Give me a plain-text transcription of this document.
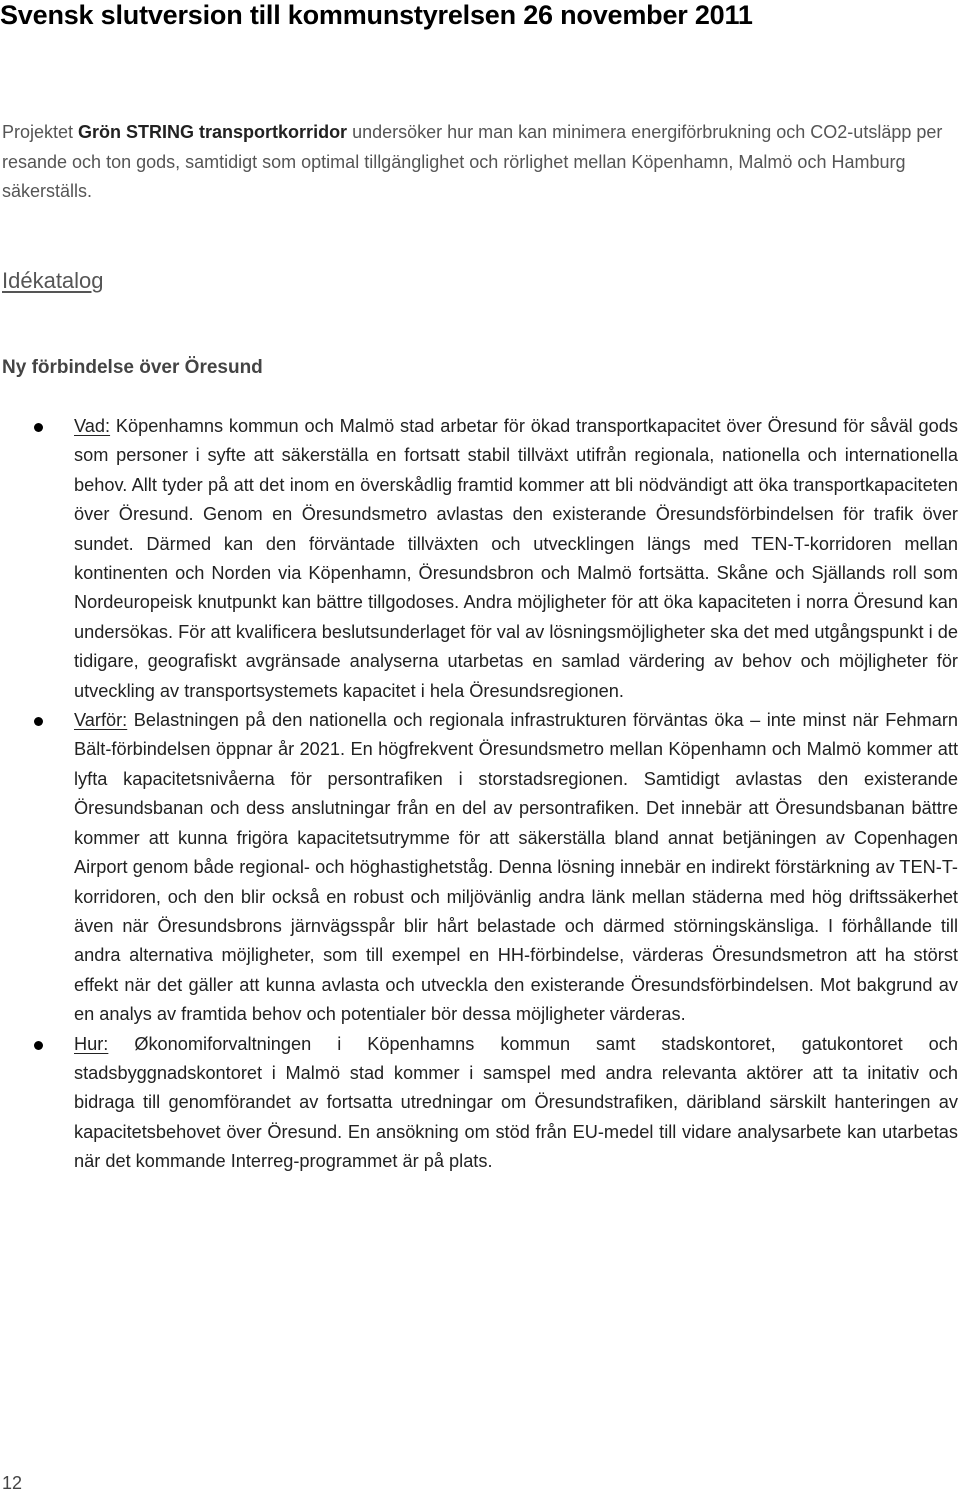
Svensk slutversion till kommunstyrelsen 26 november 2011

Projektet Grön STRING transportkorridor undersöker hur man kan minimera energiförbrukning och CO2-utsläpp per resande och ton gods, samtidigt som optimal tillgänglighet och rörlighet mellan Köpenhamn, Malmö och Hamburg säkerställs.

Idékatalog
Ny förbindelse över Öresund
Vad: Köpenhamns kommun och Malmö stad arbetar för ökad transportkapacitet över Öresund för såväl gods som personer i syfte att säkerställa en fortsatt stabil tillväxt utifrån regionala, nationella och internationella behov. Allt tyder på att det inom en överskådlig framtid kommer att bli nödvändigt att öka transportkapaciteten över Öresund. Genom en Öresundsmetro avlastas den existerande Öresundsförbindelsen för trafik över sundet. Därmed kan den förväntade tillväxten och utvecklingen längs med TEN-T-korridoren mellan kontinenten och Norden via Köpenhamn, Öresundsbron och Malmö fortsätta. Skåne och Själlands roll som Nordeuropeisk knutpunkt kan bättre tillgodoses. Andra möjligheter för att öka kapaciteten i norra Öresund kan undersökas. För att kvalificera beslutsunderlaget för val av lösningsmöjligheter ska det med utgångspunkt i de tidigare, geografiskt avgränsade analyserna utarbetas en samlad värdering av behov och möjligheter för utveckling av transportsystemets kapacitet i hela Öresundsregionen.
Varför: Belastningen på den nationella och regionala infrastrukturen förväntas öka – inte minst när Fehmarn Bält-förbindelsen öppnar år 2021. En högfrekvent Öresundsmetro mellan Köpenhamn och Malmö kommer att lyfta kapacitetsnivåerna för persontrafiken i storstadsregionen. Samtidigt avlastas den existerande Öresundsbanan och dess anslutningar från en del av persontrafiken. Det innebär att Öresundsbanan bättre kommer att kunna frigöra kapacitetsutrymme för att säkerställa bland annat betjäningen av Copenhagen Airport genom både regional- och höghastighetståg. Denna lösning innebär en indirekt förstärkning av TEN-T-korridoren, och den blir också en robust och miljövänlig andra länk mellan städerna med hög driftssäkerhet även när Öresundsbrons järnvägsspår blir hårt belastade och därmed störningskänsliga. I förhållande till andra alternativa möjligheter, som till exempel en HH-förbindelse, värderas Öresundsmetron att ha störst effekt när det gäller att kunna avlasta och utveckla den existerande Öresundsförbindelsen. Mot bakgrund av en analys av framtida behov och potentialer bör dessa möjligheter värderas.
Hur: Økonomiforvaltningen i Köpenhamns kommun samt stadskontoret, gatukontoret och stadsbyggnadskontoret i Malmö stad kommer i samspel med andra relevanta aktörer att ta initativ och bidraga till genomförandet av fortsatta utredningar om Öresundstrafiken, däribland särskilt hanteringen av kapacitetsbehovet över Öresund. En ansökning om stöd från EU-medel till vidare analysarbete kan utarbetas när det kommande Interreg-programmet är på plats.
12
